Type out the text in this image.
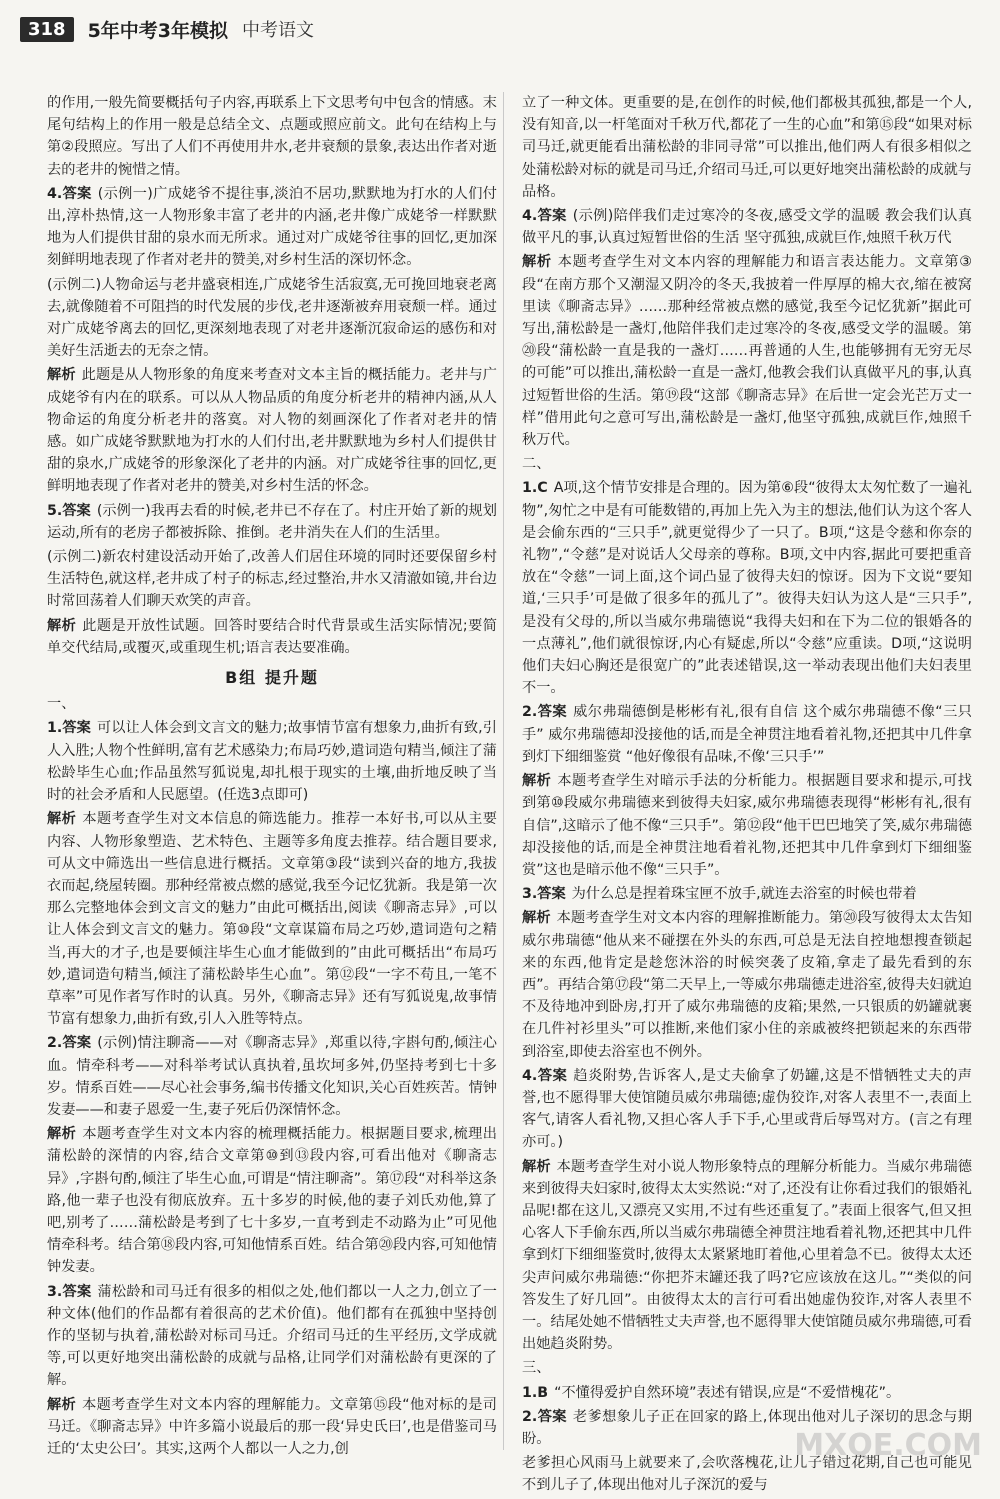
318	5年中考3年模拟 中考语文

的作用,一般先简要概括句子内容,再联系上下文思考句中包含的情感。末尾句结构上的作用一般是总结全文、点题或照应前文。此句在结构上与第②段照应。写出了人们不再使用井水,老井衰颓的景象,表达出作者对逝去的老井的惋惜之情。

4.答案 (示例一)广成姥爷不提往事,淡泊不居功,默默地为打水的人们付出,淳朴热情,这一人物形象丰富了老井的内涵,老井像广成姥爷一样默默地为人们提供甘甜的泉水而无所求。通过对广成姥爷往事的回忆,更加深刻鲜明地表现了作者对老井的赞美,对乡村生活的深切怀念。

(示例二)人物命运与老井盛衰相连,广成姥爷生活寂寞,无可挽回地衰老离去,就像随着不可阻挡的时代发展的步伐,老井逐渐被弃用衰颓一样。通过对广成姥爷离去的回忆,更深刻地表现了对老井逐渐沉寂命运的感伤和对美好生活逝去的无奈之情。

解析 此题是从人物形象的角度来考查对文本主旨的概括能力。老井与广成姥爷有内在的联系。可以从人物品质的角度分析老井的精神内涵,从人物命运的角度分析老井的落寞。对人物的刻画深化了作者对老井的情感。如广成姥爷默默地为打水的人们付出,老井默默地为乡村人们提供甘甜的泉水,广成姥爷的形象深化了老井的内涵。对广成姥爷往事的回忆,更鲜明地表现了作者对老井的赞美,对乡村生活的怀念。
5.答案 (示例一)我再去看的时候,老井已不存在了。村庄开始了新的规划运动,所有的老房子都被拆除、推倒。老井消失在人们的生活里。

(示例二)新农村建设活动开始了,改善人们居住环境的同时还要保留乡村生活特色,就这样,老井成了村子的标志,经过整治,井水又清澈如镜,井台边时常回荡着人们聊天欢笑的声音。

解析 此题是开放性试题。回答时要结合时代背景或生活实际情况;要简单交代结局,或覆灭,或重现生机;语言表达要准确。
B组 提升题
一、
1.答案 可以让人体会到文言文的魅力;故事情节富有想象力,曲折有致,引人入胜;人物个性鲜明,富有艺术感染力;布局巧妙,遣词造句精当,倾注了蒲松龄毕生心血;作品虽然写狐说鬼,却扎根于现实的土壤,曲折地反映了当时的社会矛盾和人民愿望。(任选3点即可)
解析 本题考查学生对文本信息的筛选能力。推荐一本好书,可以从主要内容、人物形象塑造、艺术特色、主题等多角度去推荐。结合题目要求,可从文中筛选出一些信息进行概括。文章第③段“读到兴奋的地方,我拔衣而起,绕屋转圈。那种经常被点燃的感觉,我至今记忆犹新。我是第一次那么完整地体会到文言文的魅力”由此可概括出,阅读《聊斋志异》,可以让人体会到文言文的魅力。第⑩段“文章谋篇布局之巧妙,遣词造句之精当,再大的才子,也是要倾注毕生心血才能做到的”由此可概括出“布局巧妙,遣词造句精当,倾注了蒲松龄毕生心血”。第⑫段“一字不苟且,一笔不草率”可见作者写作时的认真。另外,《聊斋志异》还有写狐说鬼,故事情节富有想象力,曲折有致,引人入胜等特点。
2.答案 (示例)情注聊斋——对《聊斋志异》,郑重以待,字斟句酌,倾注心血。情牵科考——对科举考试认真执着,虽坎坷多舛,仍坚持考到七十多岁。情系百姓——尽心社会事务,编书传播文化知识,关心百姓疾苦。情钟发妻——和妻子恩爱一生,妻子死后仍深情怀念。
解析 本题考查学生对文本内容的梳理概括能力。根据题目要求,梳理出蒲松龄的深情的内容,结合文章第⑩到⑬段内容,可看出他对《聊斋志异》,字斟句酌,倾注了毕生心血,可谓是“情注聊斋”。第⑰段“对科举这条路,他一辈子也没有彻底放弃。五十多岁的时候,他的妻子刘氏劝他,算了吧,别考了……蒲松龄是考到了七十多岁,一直考到走不动路为止”可见他情牵科考。结合第⑱段内容,可知他情系百姓。结合第⑳段内容,可知他情钟发妻。
3.答案 蒲松龄和司马迁有很多的相似之处,他们都以一人之力,创立了一种文体(他们的作品都有着很高的艺术价值)。他们都有在孤独中坚持创作的坚韧与执着,蒲松龄对标司马迁。介绍司马迁的生平经历,文学成就等,可以更好地突出蒲松龄的成就与品格,让同学们对蒲松龄有更深的了解。
解析 本题考查学生对文本内容的理解能力。文章第⑮段“他对标的是司马迁。《聊斋志异》中许多篇小说最后的那一段‘异史氏曰’,也是借鉴司马迁的‘太史公曰’。其实,这两个人都以一人之力,创

立了一种文体。更重要的是,在创作的时候,他们都极其孤独,都是一个人,没有知音,以一杆笔面对千秋万代,都花了一生的心血”和第⑮段“如果对标司马迁,就更能看出蒲松龄的非同寻常”可以推出,他们两人有很多相似之处蒲松龄对标的就是司马迁,介绍司马迁,可以更好地突出蒲松龄的成就与品格。

4.答案 (示例)陪伴我们走过寒冷的冬夜,感受文学的温暖 教会我们认真做平凡的事,认真过短暂世俗的生活 坚守孤独,成就巨作,烛照千秋万代
解析 本题考查学生对文本内容的理解能力和语言表达能力。文章第③段“在南方那个又潮湿又阴冷的冬天,我披着一件厚厚的棉大衣,缩在被窝里读《聊斋志异》……那种经常被点燃的感觉,我至今记忆犹新”据此可写出,蒲松龄是一盏灯,他陪伴我们走过寒冷的冬夜,感受文学的温暖。第⑳段“蒲松龄一直是我的一盏灯……再普通的人生,也能够拥有无穷无尽的可能”可以推出,蒲松龄一直是一盏灯,他教会我们认真做平凡的事,认真过短暂世俗的生活。第⑲段“这部《聊斋志异》在后世一定会光芒万丈一样”借用此句之意可写出,蒲松龄是一盏灯,他坚守孤独,成就巨作,烛照千秋万代。
二、
1.C A项,这个情节安排是合理的。因为第⑥段“彼得太太匆忙数了一遍礼物”,匆忙之中是有可能数错的,再加上先入为主的想法,他们认为这个客人是会偷东西的“三只手”,就更觉得少了一只了。B项,“这是令慈和你奈的礼物”,“令慈”是对说话人父母亲的尊称。B项,文中内容,据此可要把重音放在“令慈”一词上面,这个词凸显了彼得夫妇的惊讶。因为下文说“要知道,‘三只手’可是做了很多年的孤儿了”。彼得夫妇认为这人是“三只手”,是没有父母的,所以当威尔弗瑞德说“我得夫妇和在下为二位的银婚各的一点薄礼”,他们就很惊讶,内心有疑虑,所以“令慈”应重读。D项,“这说明他们夫妇心胸还是很宽广的”此表述错误,这一举动表现出他们夫妇表里不一。
2.答案 威尔弗瑞德倒是彬彬有礼,很有自信 这个威尔弗瑞德不像“三只手” 威尔弗瑞德却没接他的话,而是全神贯注地看着礼物,还把其中几件拿到灯下细细鉴赏 “他好像很有品味,不像‘三只手’”
解析 本题考查学生对暗示手法的分析能力。根据题目要求和提示,可找到第⑩段威尔弗瑞德来到彼得夫妇家,威尔弗瑞德表现得“彬彬有礼,很有自信”,这暗示了他不像“三只手”。第⑫段“他干巴巴地笑了笑,威尔弗瑞德却没接他的话,而是全神贯注地看着礼物,还把其中几件拿到灯下细细鉴赏”这也是暗示他不像“三只手”。
3.答案 为什么总是捏着珠宝匣不放手,就连去浴室的时候也带着
解析 本题考查学生对文本内容的理解推断能力。第⑳段写彼得太太告知威尔弗瑞德“他从来不碰摆在外头的东西,可总是无法自控地想搜查锁起来的东西,他肯定是趁您沐浴的时候突袭了皮箱,拿走了最先看到的东西”。再结合第⑰段“第二天早上,一等威尔弗瑞德走进浴室,彼得夫妇就迫不及待地冲到卧房,打开了威尔弗瑞德的皮箱;果然,一只银质的奶罐就裹在几件衬衫里头”可以推断,来他们家小住的亲戚被终把锁起来的东西带到浴室,即使去浴室也不例外。
4.答案 趋炎附势,告诉客人,是丈夫偷拿了奶罐,这是不惜牺牲丈夫的声誉,也不愿得罪大使馆随员威尔弗瑞德;虚伪狡诈,对客人表里不一,表面上客气,请客人看礼物,又担心客人手下手,心里或背后辱骂对方。(言之有理亦可。)
解析 本题考查学生对小说人物形象特点的理解分析能力。当威尔弗瑞德来到彼得夫妇家时,彼得太太实然说:“对了,还没有让你看过我们的银婚礼品呢!都在这儿,又漂亮又实用,不过有些还重复了。”表面上很客气,但又担心客人下手偷东西,所以当威尔弗瑞德全神贯注地看着礼物,还把其中几件拿到灯下细细鉴赏时,彼得太太紧紧地盯着他,心里着急不已。彼得太太还尖声问威尔弗瑞德:“你把芥末罐还我了吗?它应该放在这儿。”“类似的问答发生了好几回”。由彼得太太的言行可看出她虚伪狡诈,对客人表里不一。结尾处她不惜牺牲丈夫声誉,也不愿得罪大使馆随员威尔弗瑞德,可看出她趋炎附势。
三、
1.B “不懂得爱护自然环境”表述有错误,应是“不爱惜槐花”。
2.答案 老爹想象儿子正在回家的路上,体现出他对儿子深切的思念与期盼。

老爹担心风雨马上就要来了,会吹落槐花,让儿子错过花期,自己也可能见不到儿子了,体现出他对儿子深沉的爱与

MXQE.COM
